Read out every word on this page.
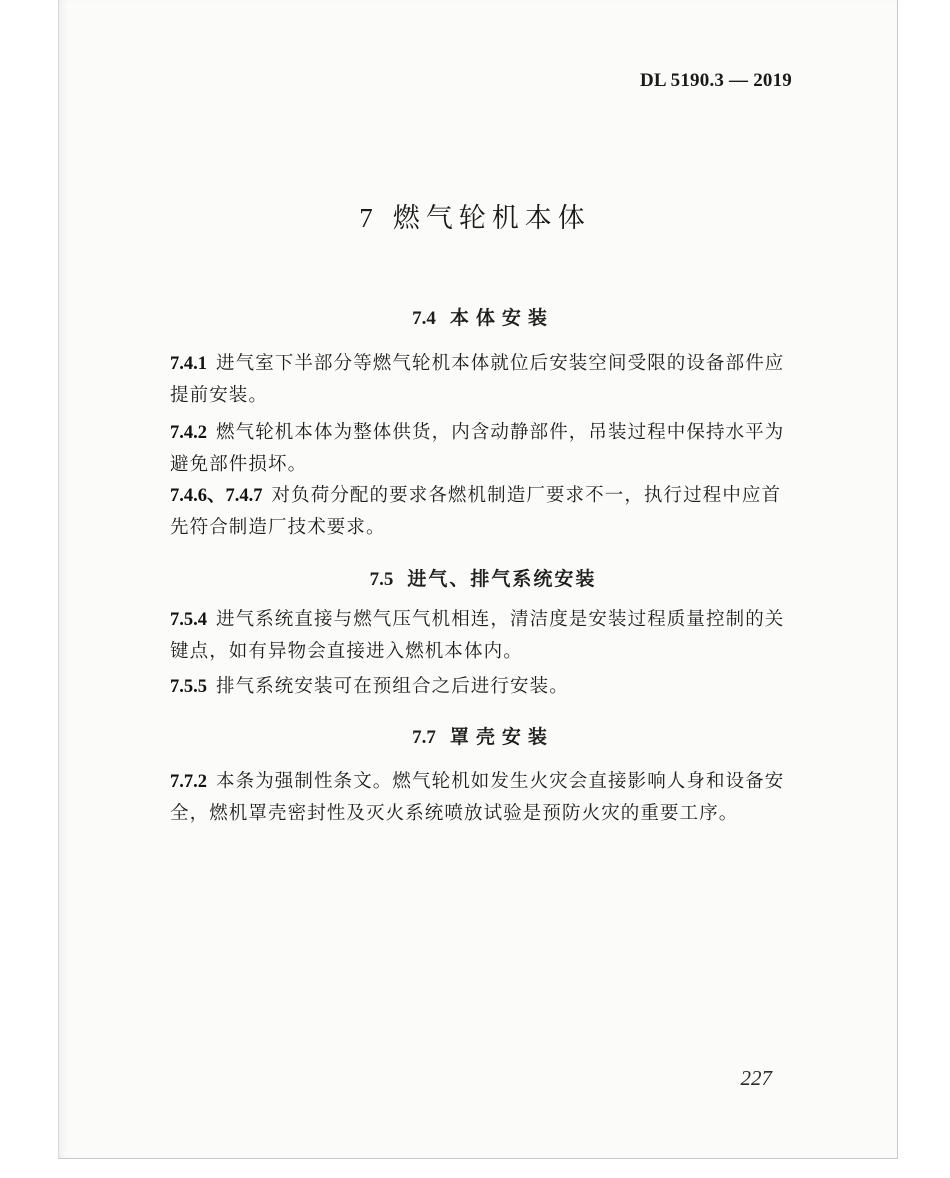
DL 5190.3 — 2019
7 燃气轮机本体
7.4 本体安装
7.4.1 进气室下半部分等燃气轮机本体就位后安装空间受限的设备部件应提前安装。
7.4.2 燃气轮机本体为整体供货，内含动静部件，吊装过程中保持水平为避免部件损坏。
7.4.6、7.4.7 对负荷分配的要求各燃机制造厂要求不一，执行过程中应首先符合制造厂技术要求。
7.5 进气、排气系统安装
7.5.4 进气系统直接与燃气压气机相连，清洁度是安装过程质量控制的关键点，如有异物会直接进入燃机本体内。
7.5.5 排气系统安装可在预组合之后进行安装。
7.7 罩壳安装
7.7.2 本条为强制性条文。燃气轮机如发生火灾会直接影响人身和设备安全，燃机罩壳密封性及灭火系统喷放试验是预防火灾的重要工序。
227
